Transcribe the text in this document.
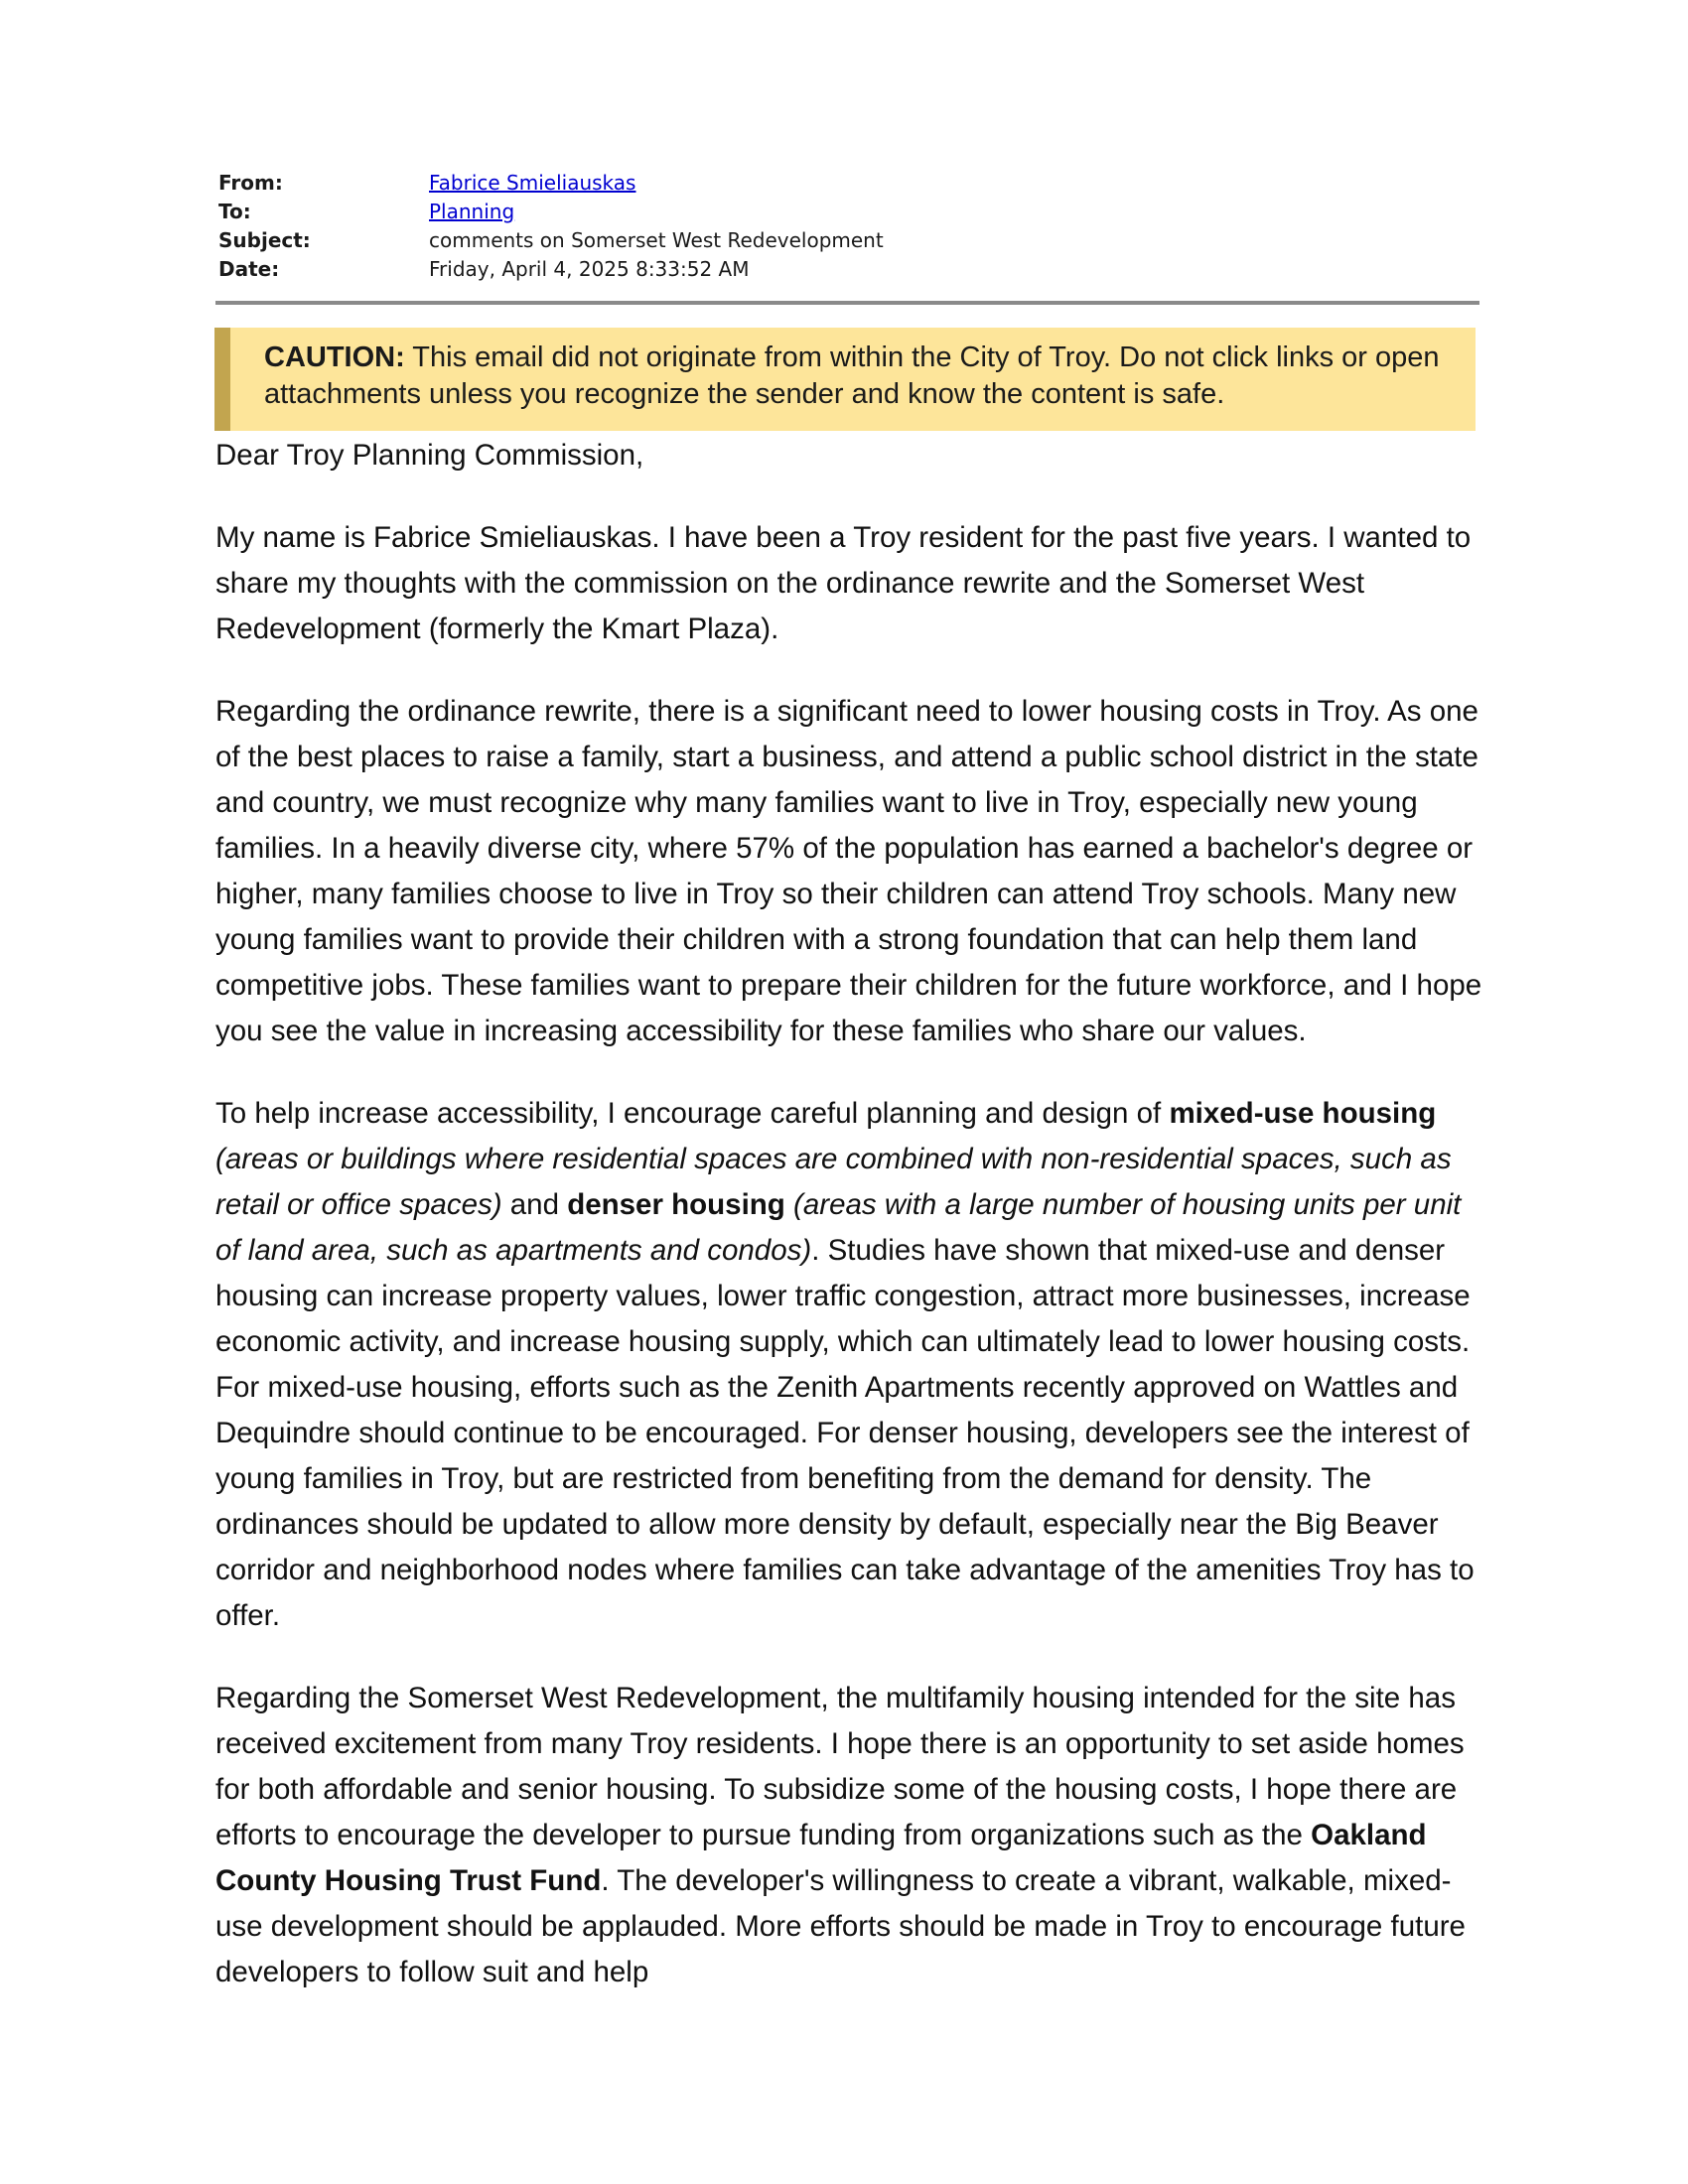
From:	Fabrice Smieliauskas
To:	Planning
Subject:	comments on Somerset West Redevelopment
Date:	Friday, April 4, 2025 8:33:52 AM
CAUTION: This email did not originate from within the City of Troy. Do not click links or open attachments unless you recognize the sender and know the content is safe.

Dear Troy Planning Commission,

My name is Fabrice Smieliauskas. I have been a Troy resident for the past five years. I wanted to share my thoughts with the commission on the ordinance rewrite and the Somerset West Redevelopment (formerly the Kmart Plaza).

Regarding the ordinance rewrite, there is a significant need to lower housing costs in Troy. As one of the best places to raise a family, start a business, and attend a public school district in the state and country, we must recognize why many families want to live in Troy, especially new young families. In a heavily diverse city, where 57% of the population has earned a bachelor's degree or higher, many families choose to live in Troy so their children can attend Troy schools. Many new young families want to provide their children with a strong foundation that can help them land competitive jobs. These families want to prepare their children for the future workforce, and I hope you see the value in increasing accessibility for these families who share our values.

To help increase accessibility, I encourage careful planning and design of mixed-use housing (areas or buildings where residential spaces are combined with non-residential spaces, such as retail or office spaces) and denser housing (areas with a large number of housing units per unit of land area, such as apartments and condos). Studies have shown that mixed-use and denser housing can increase property values, lower traffic congestion, attract more businesses, increase economic activity, and increase housing supply, which can ultimately lead to lower housing costs. For mixed-use housing, efforts such as the Zenith Apartments recently approved on Wattles and Dequindre should continue to be encouraged. For denser housing, developers see the interest of young families in Troy, but are restricted from benefiting from the demand for density. The ordinances should be updated to allow more density by default, especially near the Big Beaver corridor and neighborhood nodes where families can take advantage of the amenities Troy has to offer.

Regarding the Somerset West Redevelopment, the multifamily housing intended for the site has received excitement from many Troy residents. I hope there is an opportunity to set aside homes for both affordable and senior housing. To subsidize some of the housing costs, I hope there are efforts to encourage the developer to pursue funding from organizations such as the Oakland County Housing Trust Fund. The developer's willingness to create a vibrant, walkable, mixed-use development should be applauded. More efforts should be made in Troy to encourage future developers to follow suit and help
